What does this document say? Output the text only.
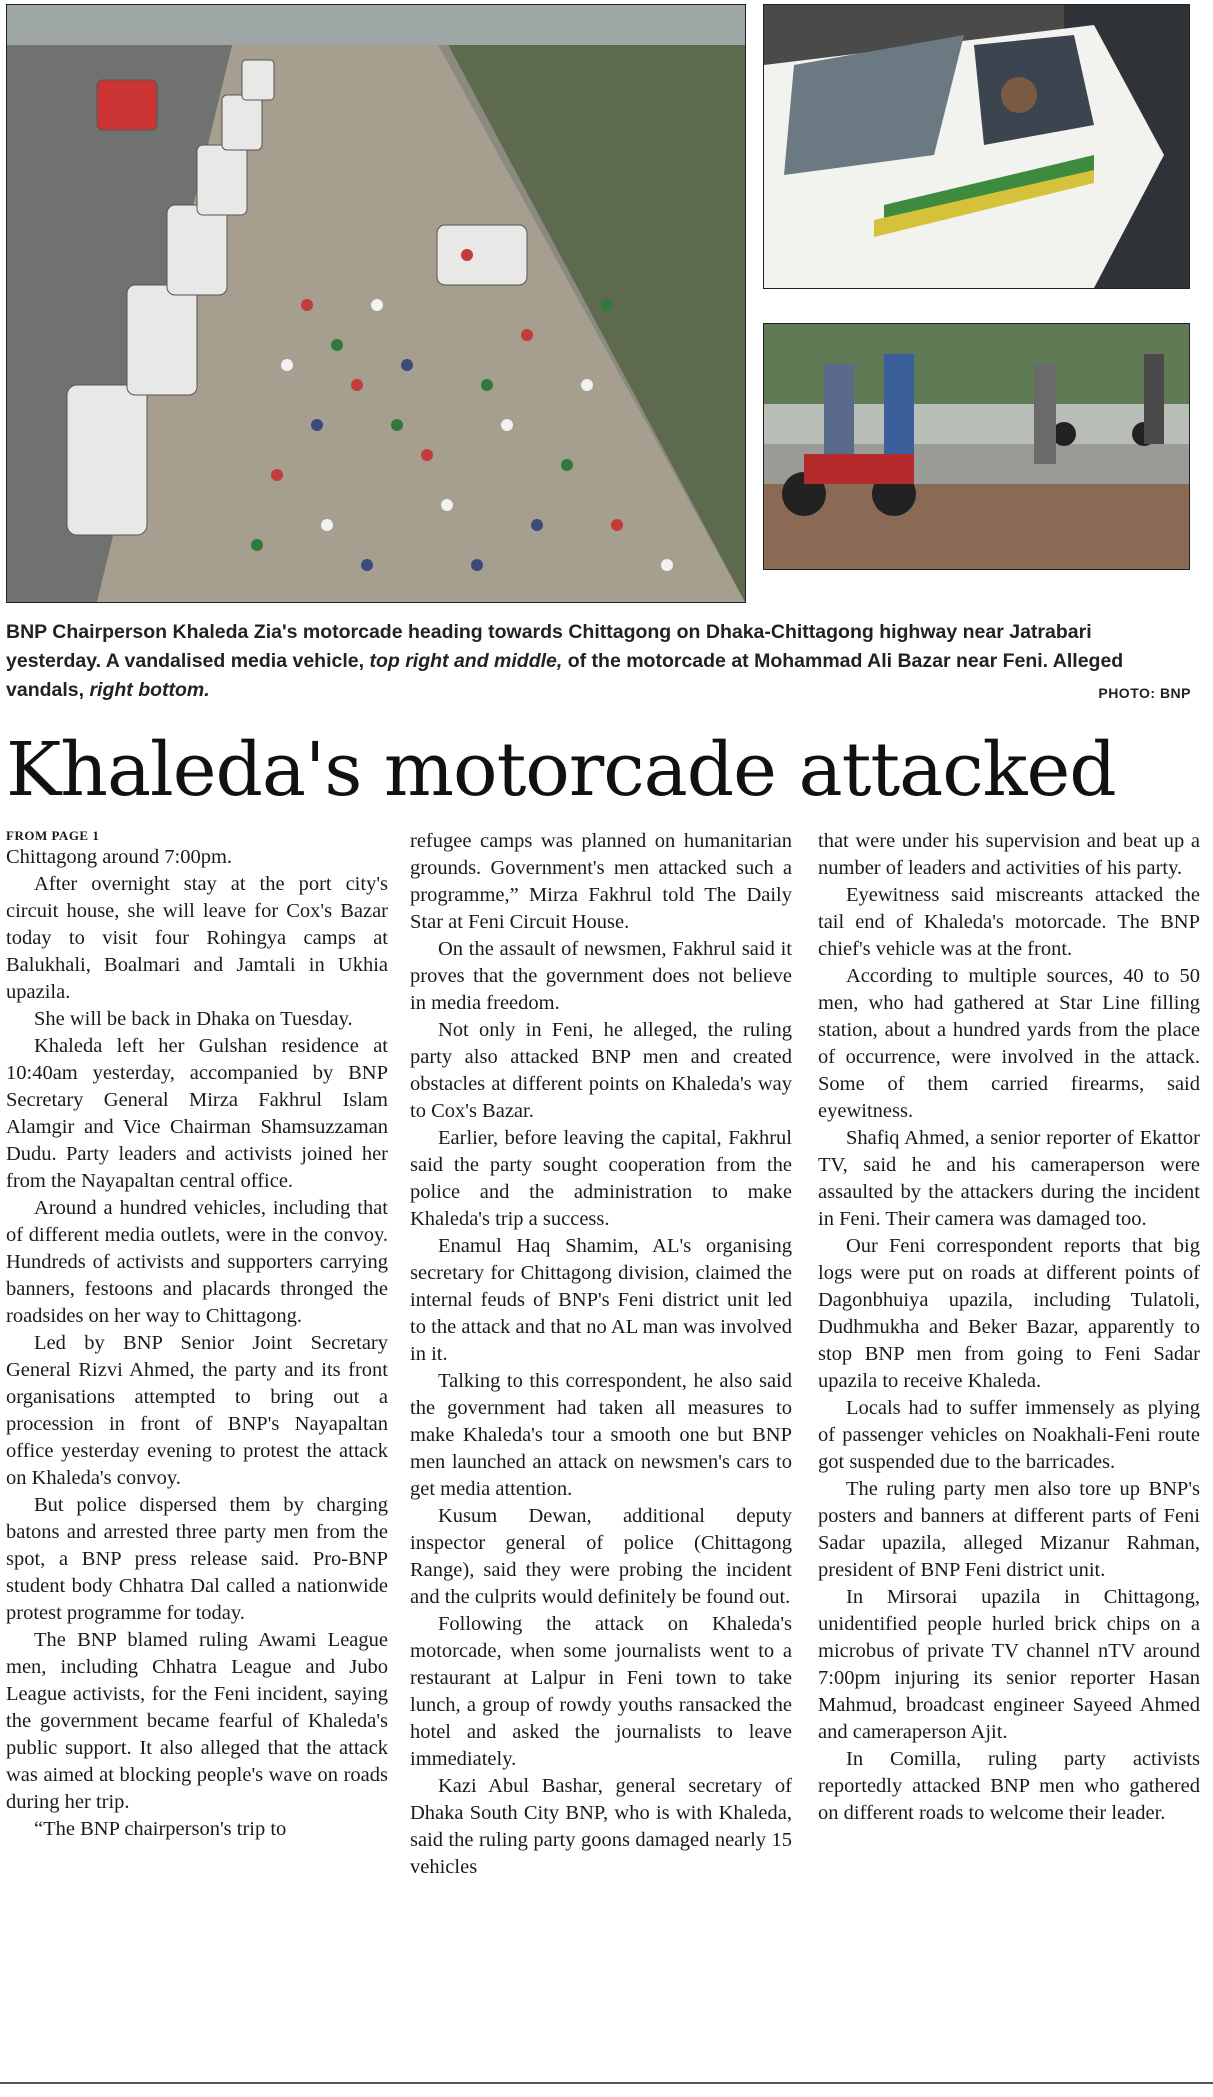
BNP Chairperson Khaleda Zia's motorcade heading towards Chittagong on Dhaka-Chittagong highway near Jatrabari yesterday. A vandalised media vehicle, top right and middle, of the motorcade at Mohammad Ali Bazar near Feni. Alleged vandals, right bottom.	PHOTO: BNP
Khaleda's motorcade attacked
FROM PAGE 1

Chittagong around 7:00pm.

After overnight stay at the port city's circuit house, she will leave for Cox's Bazar today to visit four Rohingya camps at Balukhali, Boalmari and Jamtali in Ukhia upazila.

She will be back in Dhaka on Tuesday.

Khaleda left her Gulshan residence at 10:40am yesterday, accompanied by BNP Secretary General Mirza Fakhrul Islam Alamgir and Vice Chairman Shamsuzzaman Dudu. Party leaders and activists joined her from the Nayapaltan central office.

Around a hundred vehicles, including that of different media outlets, were in the convoy. Hundreds of activists and supporters carrying banners, festoons and placards thronged the roadsides on her way to Chittagong.

Led by BNP Senior Joint Secretary General Rizvi Ahmed, the party and its front organisations attempted to bring out a procession in front of BNP's Nayapaltan office yesterday evening to protest the attack on Khaleda's convoy.

But police dispersed them by charging batons and arrested three party men from the spot, a BNP press release said. Pro-BNP student body Chhatra Dal called a nationwide protest programme for today.

The BNP blamed ruling Awami League men, including Chhatra League and Jubo League activists, for the Feni incident, saying the government became fearful of Khaleda's public support. It also alleged that the attack was aimed at blocking people's wave on roads during her trip.

“The BNP chairperson's trip to

refugee camps was planned on humanitarian grounds. Government's men attacked such a programme,” Mirza Fakhrul told The Daily Star at Feni Circuit House.

On the assault of newsmen, Fakhrul said it proves that the government does not believe in media freedom.

Not only in Feni, he alleged, the ruling party also attacked BNP men and created obstacles at different points on Khaleda's way to Cox's Bazar.

Earlier, before leaving the capital, Fakhrul said the party sought cooperation from the police and the administration to make Khaleda's trip a success.

Enamul Haq Shamim, AL's organising secretary for Chittagong division, claimed the internal feuds of BNP's Feni district unit led to the attack and that no AL man was involved in it.

Talking to this correspondent, he also said the government had taken all measures to make Khaleda's tour a smooth one but BNP men launched an attack on newsmen's cars to get media attention.

Kusum Dewan, additional deputy inspector general of police (Chittagong Range), said they were probing the incident and the culprits would definitely be found out.

Following the attack on Khaleda's motorcade, when some journalists went to a restaurant at Lalpur in Feni town to take lunch, a group of rowdy youths ransacked the hotel and asked the journalists to leave immediately.

Kazi Abul Bashar, general secretary of Dhaka South City BNP, who is with Khaleda, said the ruling party goons damaged nearly 15 vehicles

that were under his supervision and beat up a number of leaders and activities of his party.

Eyewitness said miscreants attacked the tail end of Khaleda's motorcade. The BNP chief's vehicle was at the front.

According to multiple sources, 40 to 50 men, who had gathered at Star Line filling station, about a hundred yards from the place of occurrence, were involved in the attack. Some of them carried firearms, said eyewitness.

Shafiq Ahmed, a senior reporter of Ekattor TV, said he and his cameraperson were assaulted by the attackers during the incident in Feni. Their camera was damaged too.

Our Feni correspondent reports that big logs were put on roads at different points of Dagonbhuiya upazila, including Tulatoli, Dudhmukha and Beker Bazar, apparently to stop BNP men from going to Feni Sadar upazila to receive Khaleda.

Locals had to suffer immensely as plying of passenger vehicles on Noakhali-Feni route got suspended due to the barricades.

The ruling party men also tore up BNP's posters and banners at different parts of Feni Sadar upazila, alleged Mizanur Rahman, president of BNP Feni district unit.

In Mirsorai upazila in Chittagong, unidentified people hurled brick chips on a microbus of private TV channel nTV around 7:00pm injuring its senior reporter Hasan Mahmud, broadcast engineer Sayeed Ahmed and cameraperson Ajit.

In Comilla, ruling party activists reportedly attacked BNP men who gathered on different roads to welcome their leader.
